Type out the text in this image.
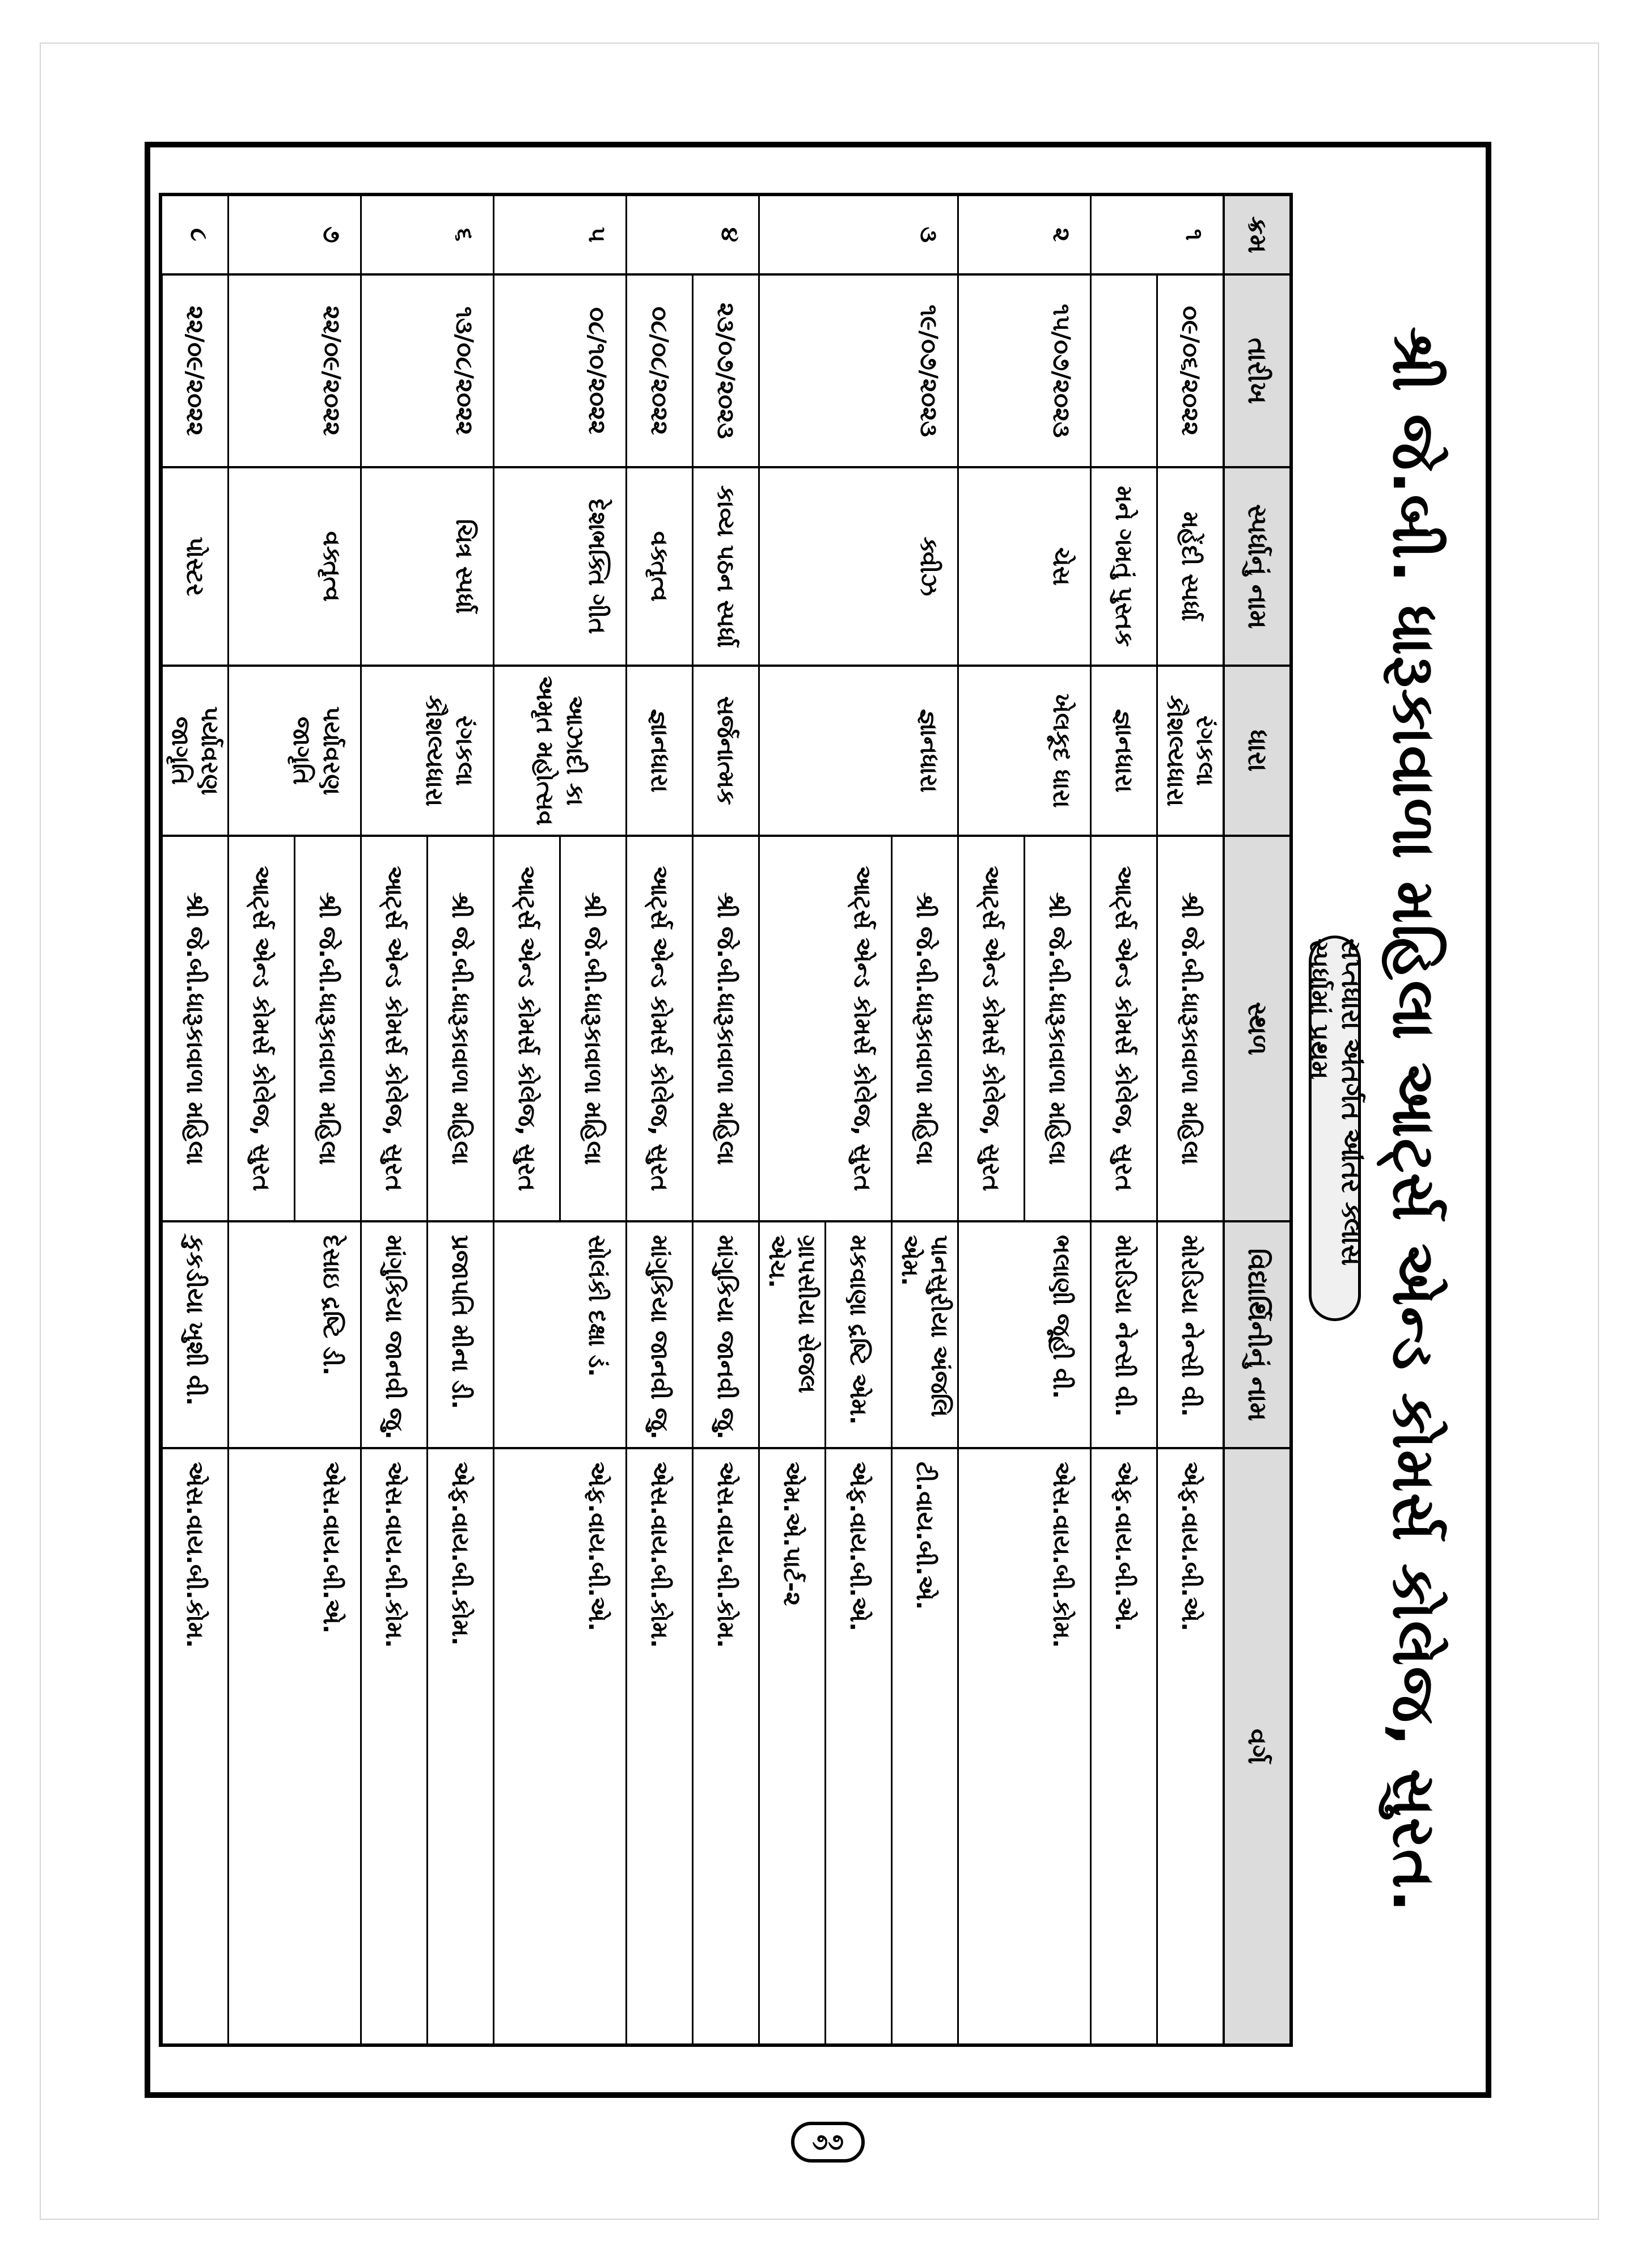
૭૭
શ્રી જે.બી. ધારૂકાવાળા મહિલા આર્ટ્સ એન્ડ કોમર્સ કોલેજ, સુરત.
સપ્તધારા અંતર્ગત આંતર ક્લાસ સ્પર્ધામાં પ્રથમ
ક્રમ
તારીખ
સ્પર્ધાનું નામ
ધારા
સ્થળ
વિદ્યાર્થિનીનું નામ
વર્ગ
૧
૦૯/૦૬/૨૦૨૨
મહેંદી સ્પર્ધા
મને ગમતું પુસ્તક
રંગકલા કૌશલ્યધારા
જ્ઞાનધારા
શ્રી જે.બી.ધારૂકાવાળા મહિલા
આર્ટ્સ એન્ડ કોમર્સ કોલેજ, સુરત
મોરડિયા નેન્સી વી.
મોરડિયા નેન્સી વી.
એફ.વાય.બી.એ.
એફ.વાય.બી.એ.
૨
૧૫/૦૭/૨૦૨૩
ચેસ
ખેલકૂદ ધારા
શ્રી જે.બી.ધારૂકાવાળા મહિલા
આર્ટ્સ એન્ડ કોમર્સ કોલેજ, સુરત
ભલાણી જૂહી વી.
એસ.વાય.બી.કોમ.
૩
૧૯/૦૭/૨૦૨૩
ક્વીઝ
જ્ઞાનધારા
શ્રી જે.બી.ધારૂકાવાળા મહિલા
આર્ટ્સ એન્ડ કોમર્સ કોલેજ, સુરત
પાનસુરીયા અંજલિ એમ.
મકવાણા દ્રષ્ટિ એમ.
ગ્રાપસીયા સેજલ એચ.
ટી.વાય.બી.એ.
એફ.વાય.બી.એ.
એમ.એ.પાર્ટ-૨
૪
૨૩/૦૭/૨૦૨૩
૦૮/૦૮/૨૦૨૨
કાવ્ય પઠન સ્પર્ધા
વક્તૃત્વ
સર્જનાત્મક
જ્ઞાનધારા
શ્રી જે.બી.ધારૂકાવાળા મહિલા
આર્ટ્સ એન્ડ કોમર્સ કોલેજ, સુરત
માંગુકિયા જાનવી જુ.
માંગુકિયા જાનવી જુ.
એસ.વાય.બી.કોમ.
એસ.વાય.બી.કોમ.
૫
૦૮/૧૦/૨૦૨૨
દેશભક્તિ ગીત
આઝાદી કા અમૃત મહોત્સવ
શ્રી જે.બી.ધારૂકાવાળા મહિલા
આર્ટ્સ એન્ડ કોમર્સ કોલેજ, સુરત
સોલંકી દક્ષા ડં.
એફ.વાય.બી.એ.
૬
૧૩/૦૮/૨૦૨૨
ચિત્ર સ્પર્ધા
રંગકલા કૌશલ્યધારા
શ્રી જે.બી.ધારૂકાવાળા મહિલા
આર્ટ્સ એન્ડ કોમર્સ કોલેજ, સુરત
પ્રજાપતિ મીના ડી.
માંગુકિયા જાનવી જુ.
એફ.વાય.બી.કોમ.
એસ.વાય.બી.કોમ.
૭
૨૨/૦૯/૨૦૨૨
વક્તૃત્વ
પર્યાવરણ જાગૃતિ
શ્રી જે.બી.ધારૂકાવાળા મહિલા
આર્ટ્સ એન્ડ કોમર્સ કોલેજ, સુરત
દેસાઇ દ્રષ્ટિ ડી.
એસ.વાય.બી.એ.
૮
૨૨/૦૯/૨૦૨૨
પોસ્ટર
પર્યાવરણ જાગૃતિ
શ્રી જે.બી.ધારૂકાવાળા મહિલા
કુકડીયા ખુશી વી.
એસ.વાય.બી.કોમ.
